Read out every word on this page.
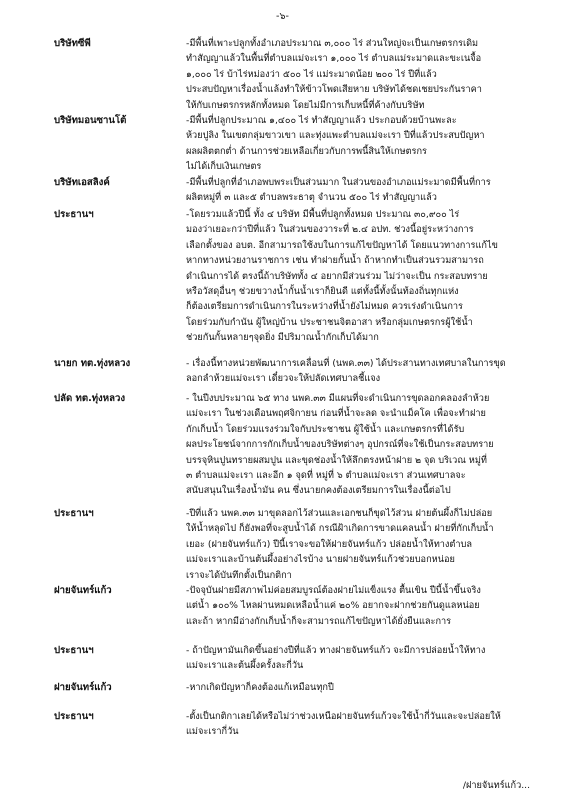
-๖-
บริษัทซีพี	-มีพื้นที่เพาะปลูกทั้งอำเภอประมาณ ๓,๐๐๐ ไร่ ส่วนใหญ่จะเป็นเกษตรกรเดิม
ทำสัญญาแล้วในพื้นที่ตำบลแม่จะเรา ๑,๐๐๐ ไร่ ตำบลแม่ระมาดและขะเนจื้อ
๑,๐๐๐ ไร่ บ้าไร่หม่องว่า ๕๐๐ ไร่ แม่ระมาดน้อย ๒๐๐ ไร่ ปีที่แล้ว
ประสบปัญหาเรื่องน้ำแล้งทำให้ข้าวโพดเสียหาย บริษัทได้ชดเชยประกันราคา
ให้กับเกษตรกรหลักทั้งหมด โดยไม่มีการเก็บหนี้ที่ค้างกับบริษัท
บริษัทมอนซานโต้	-มีพื้นที่ปลูกประมาณ ๑,๔๐๐ ไร่ ทำสัญญาแล้ว ประกอบด้วยบ้านพะละ
ห้วยปูลิง ในเขตกลุ่มขาวเขา และทุ่งแพะตำบลแม่จะเรา ปีที่แล้วประสบปัญหา
ผลผลิตตกต่ำ ด้านการช่วยเหลือเกี่ยวกับการพนี้สินให้เกษตรกร
ไม่ได้เก็บเงินเกษตร
บริษัทเอสลิงค์	-มีพื้นที่ปลูกที่อำเภอพบพระเป็นส่วนมาก ในส่วนของอำเภอแม่ระมาดมีพื้นที่การ
ผลิตหมู่ที่ ๓ และ๕ ตำบลพระธาตุ จำนวน ๕๐๐ ไร่ ทำสัญญาแล้ว
ประธานฯ	-โดยรวมแล้วปีนี้ ทั้ง ๔ บริษัท มีพื้นที่ปลูกทั้งหมด ประมาณ ๓๐,๙๐๐ ไร่
มองว่าเยอะกว่าปีที่แล้ว ในส่วนของวาระที่ ๒.๔ อปท. ช่วงนี้อยู่ระหว่างการ
เลือกตั้งของ อบต. อีกสามารถใช้งบในการแก้ไขปัญหาได้ โดยแนวทางการแก้ไข
หากทางหน่วยงานราชการ เช่น ทำฝายกั้นน้ำ ถ้าหากทำเป็นส่วนรวมสามารถ
ดำเนินการได้ ตรงนี้ถ้าบริษัททั้ง ๔ อยากมีส่วนร่วม ไม่ว่าจะเป็น กระสอบทราย
หรือวัสดุอื่นๆ ช่วยขวางน้ำกั้นน้ำเราก็ยินดี แต่ทั้งนี้ทั้งนั้นท้องถิ่นทุกแห่ง
ก็ต้องเตรียมการดำเนินการในระหว่างที่น้ำยังไม่หมด ควรเร่งดำเนินการ
โดยร่วมกับกำนัน ผู้ใหญ่บ้าน ประชาชนจิตอาสา หรือกลุ่มเกษตรกรผู้ใช้น้ำ
ช่วยกันกั้นหลายๆจุดยิ่ง มีปริมาณน้ำกักเก็บได้มาก
นายก ทต.ทุ่งหลวง	- เรื่องนี้ทางหน่วยพัฒนาการเคลื่อนที่ (นพค.๓๓) ได้ประสานทางเทศบาลในการขุด
ลอกลำห้วยแม่จะเรา เดี๋ยวจะให้ปลัดเทศบาลชี้แจง
ปลัด ทต.ทุ่งหลวง	- ในปีงบประมาณ ๖๕ ทาง นพค.๓๓ มีแผนที่จะดำเนินการขุดลอกคลองลำห้วย
แม่จะเรา ในช่วงเดือนพฤศจิกายน ก่อนที่น้ำจะลด จะนำแม็คโค เพื่อจะทำฝาย
กักเก็บน้ำ โดยร่วมแรงร่วมใจกับประชาชน ผู้ใช้น้ำ และเกษตรกรที่ได้รับ
ผลประโยชน์จากการกักเก็บน้ำของบริษัทต่างๆ อุปกรณ์ที่จะใช้เป็นกระสอบทราย
บรรจุหินปูนทรายผสมปูน และขุดช่องน้ำให้ลึกตรงหน้าฝาย ๒ จุด บริเวณ หมู่ที่
๓ ตำบลแม่จะเรา และอีก ๑ จุดที่ หมู่ที่ ๖ ตำบลแม่จะเรา ส่วนเทศบาลจะ
สนับสนุนในเรื่องน้ำมัน คน ซึ่งนายกคงต้องเตรียมการในเรื่องนี้ต่อไป
ประธานฯ	-ปีที่แล้ว นพค.๓๓ มาขุดลอกไว้ส่วนและเอกชนก็ขุดไว้ส่วน ฝายต้นผึ้งก็ไม่ปล่อย
ให้น้ำหลุดไป ก็ยังพอที่จะสูบน้ำได้ กรณีฝ้าเกิดการขาดแคลนน้ำ ฝายที่กักเก็บน้ำ
เยอะ (ฝายจันทร์แก้ว) ปีนี้เราจะขอให้ฝายจันทร์แก้ว ปล่อยน้ำให้ทางตำบล
แม่จะเราและบ้านต้นผึ้งอย่างไรบ้าง นายฝายจันทร์แก้วช่วยบอกหน่อย
เราจะได้บันทึกตั้งเป็นกติกา
ฝายจันทร์แก้ว	-ปัจจุบันฝายมีสภาพไม่ค่อยสมบูรณ์ต้องฝายไม่แข็งแรง ตื้นเขิน ปีนี้น้ำขึ้นจริง
แต่น้ำ ๑๐๐% ไหลผ่านหมดเหลือน้ำแค่ ๒๐% อยากจะฝากช่วยกันดูแลหน่อย
และถ้า หากมีอ่างกักเก็บน้ำก็จะสามารถแก้ไขปัญหาได้ยั่งยืนและการ
ประธานฯ	- ถ้าปัญหามันเกิดขึ้นอย่างปีที่แล้ว ทางฝายจันทร์แก้ว จะมีการปล่อยน้ำให้ทาง
แม่จะเราและต้นผึ้งครั้งละกี่วัน
ฝายจันทร์แก้ว	-หากเกิดปัญหาก็คงต้องแก้เหมือนทุกปี
ประธานฯ	-ตั้งเป็นกติกาเลยได้หรือไม่ว่าช่วงเหนือฝายจันทร์แก้วจะใช้น้ำกี่วันและจะปล่อยให้
แม่จะเรากี่วัน
/ฝายจันทร์แก้ว...
